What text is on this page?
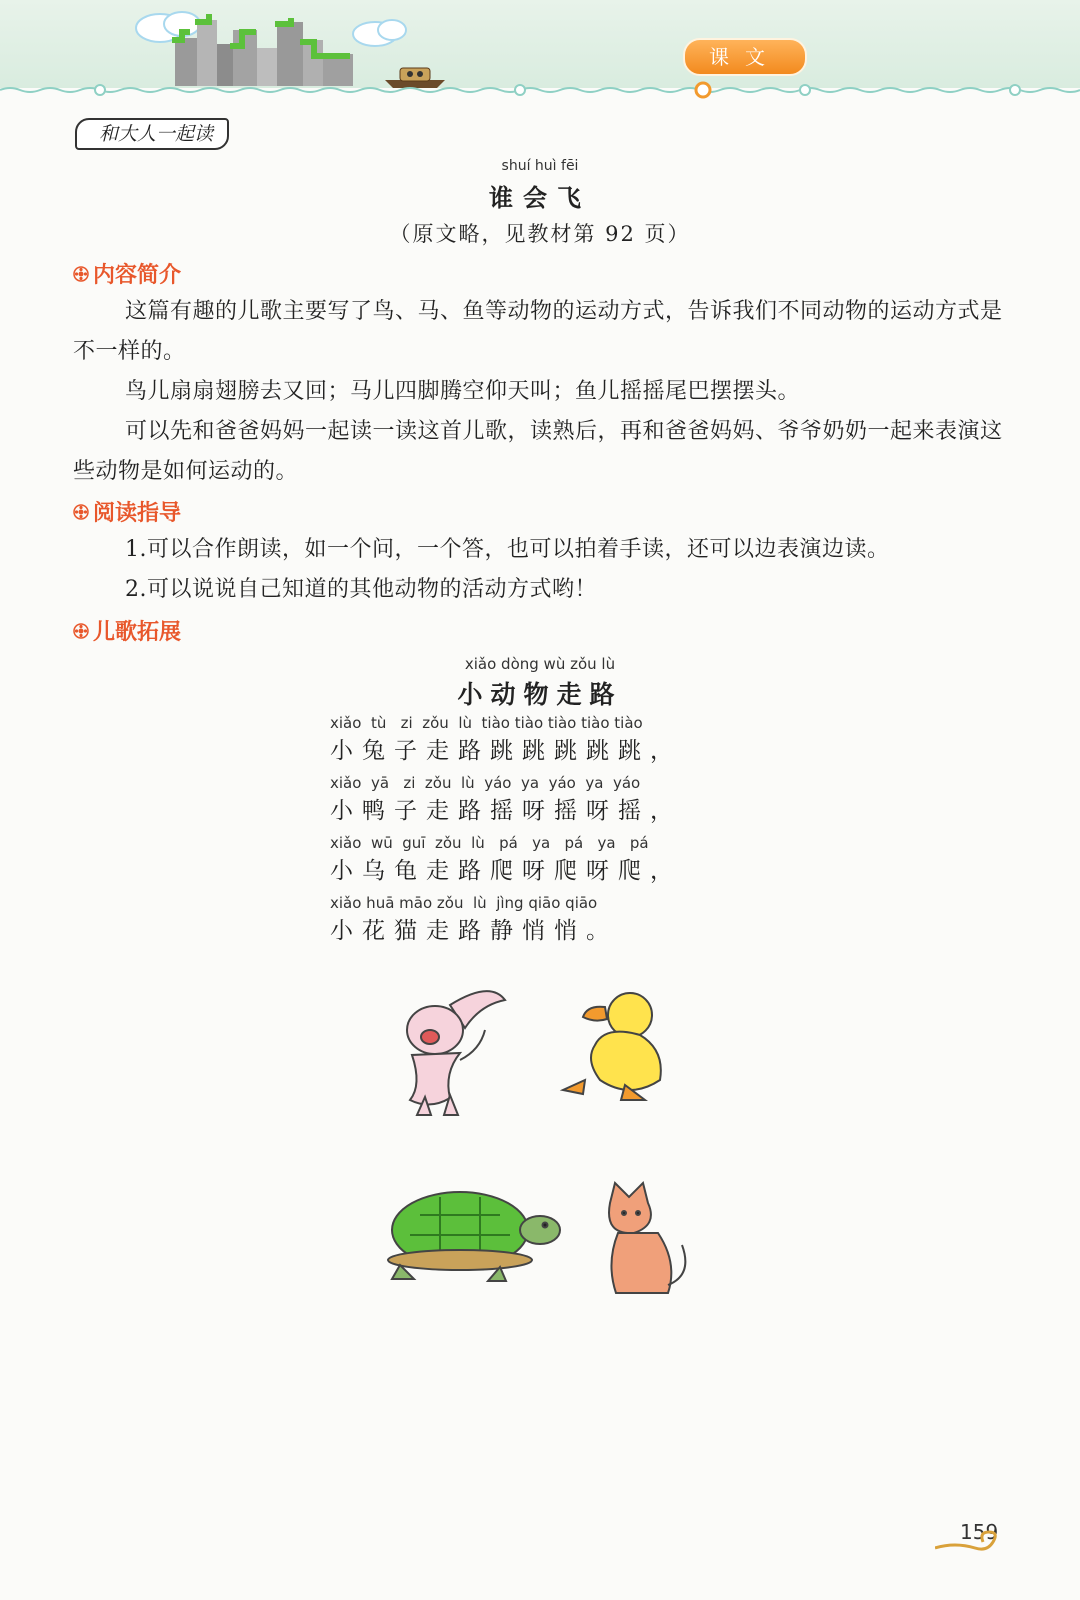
课文
和大人一起读
shuí huì fēi
谁会飞
（原文略，见教材第 92 页）
内容简介

这篇有趣的儿歌主要写了鸟、马、鱼等动物的运动方式，告诉我们不同动物的运动方式是不一样的。

鸟儿扇扇翅膀去又回；马儿四脚腾空仰天叫；鱼儿摇摇尾巴摆摆头。

可以先和爸爸妈妈一起读一读这首儿歌，读熟后，再和爸爸妈妈、爷爷奶奶一起来表演这些动物是如何运动的。

阅读指导

1.可以合作朗读，如一个问，一个答，也可以拍着手读，还可以边表演边读。

2.可以说说自己知道的其他动物的活动方式哟！

儿歌拓展
xiǎo dòng wù zǒu lù
小动物走路
xiǎo  tù   zi  zǒu  lù  tiào tiào tiào tiào tiào
小兔子走路跳跳跳跳跳，
xiǎo  yā   zi  zǒu  lù  yáo  ya  yáo  ya  yáo
小鸭子走路摇呀摇呀摇，
xiǎo  wū  guī  zǒu  lù   pá   ya   pá   ya   pá
小乌龟走路爬呀爬呀爬，
xiǎo huā māo zǒu  lù  jìng qiāo qiāo
小花猫走路静悄悄。
159
